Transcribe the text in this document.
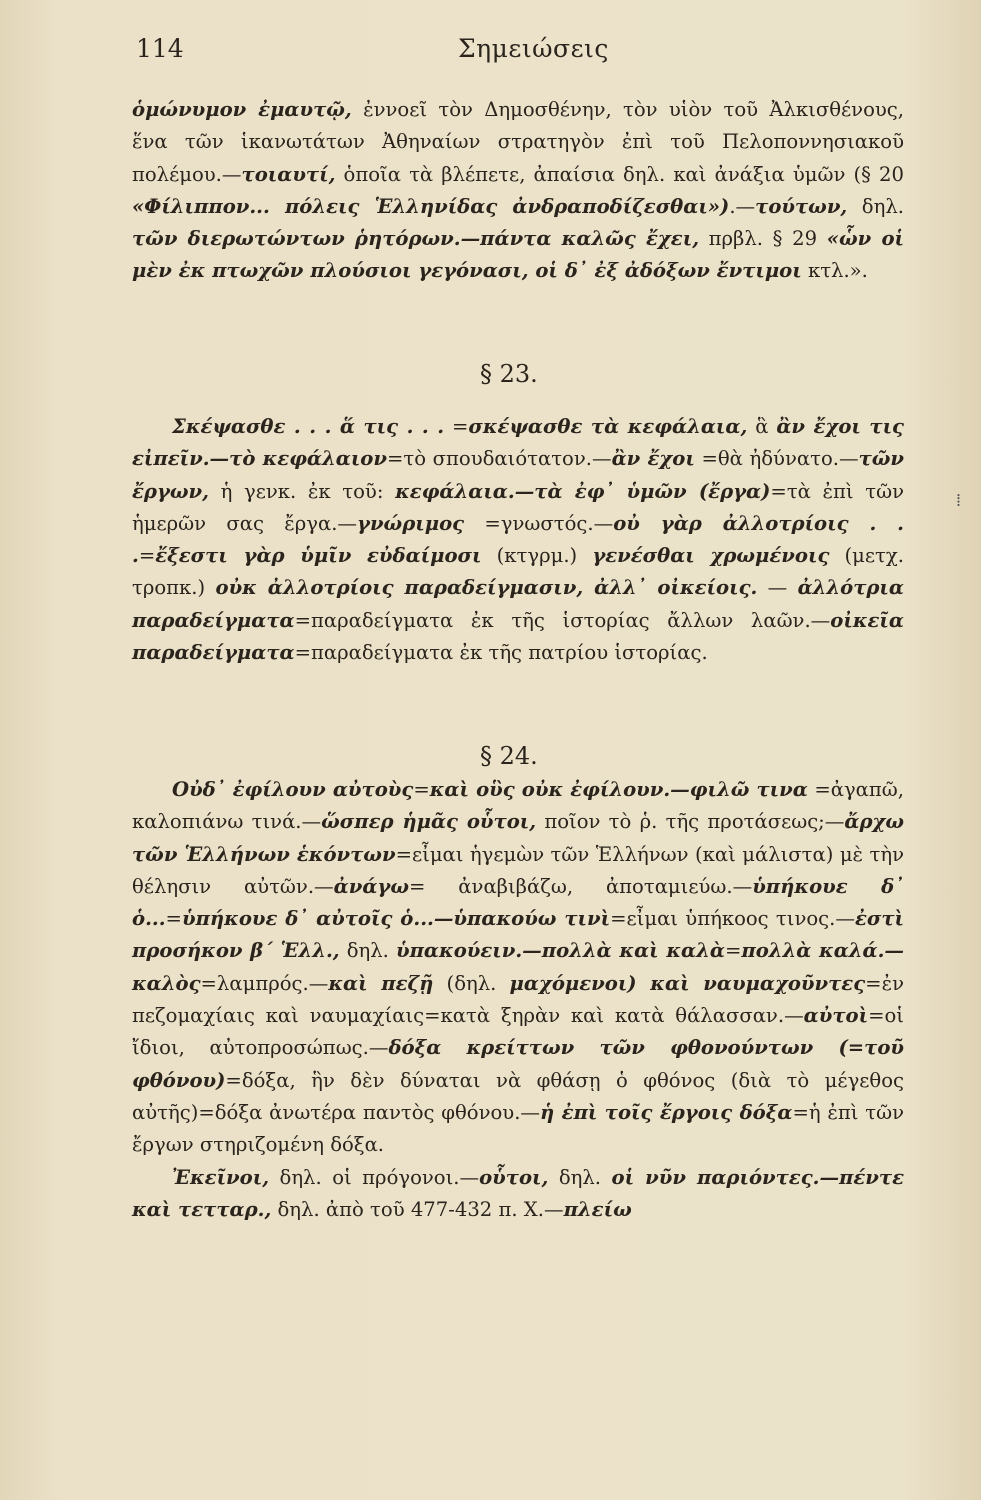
114	Σημειώσεις

ὁμώνυμον ἐμαυτῷ, ἐννοεῖ τὸν Δημοσθένην, τὸν υἱὸν τοῦ Ἀλκισθένους, ἕνα τῶν ἱκανωτάτων Ἀθηναίων στρατηγὸν ἐπὶ τοῦ Πελοποννησιακοῦ πολέμου.—τοιαυτί, ὁποῖα τὰ βλέπετε, ἀπαίσια δηλ. καὶ ἀνάξια ὑμῶν (§ 20 «Φίλιππον... πόλεις Ἑλληνίδας ἀνδραποδίζεσθαι»).—τούτων, δηλ. τῶν διερωτώντων ῥητόρων.—πάντα καλῶς ἔχει, πρβλ. § 29 «ὧν οἱ μὲν ἐκ πτωχῶν πλούσιοι γεγόνασι, οἱ δ᾽ ἐξ ἀδόξων ἔντιμοι κτλ.».

§ 23.

Σκέψασθε . . . ἅ τις . . . =σκέψασθε τὰ κεφάλαια, ἃ ἂν ἔχοι τις εἰπεῖν.—τὸ κεφάλαιον=τὸ σπουδαιότατον.—ἂν ἔχοι =θὰ ἠδύνατο.—τῶν ἔργων, ἡ γενκ. ἐκ τοῦ: κεφάλαια.—τὰ ἐφ᾽ ὑμῶν (ἔργα)=τὰ ἐπὶ τῶν ἡμερῶν σας ἔργα.—γνώριμος =γνωστός.—οὐ γὰρ ἀλλοτρίοις . . .=ἔξεστι γὰρ ὑμῖν εὐδαίμοσι (κτγρμ.) γενέσθαι χρωμένοις (μετχ. τροπκ.) οὐκ ἀλλοτρίοις παραδείγμασιν, ἀλλ᾽ οἰκείοις. — ἀλλότρια παραδείγματα=παραδείγματα ἐκ τῆς ἱστορίας ἄλλων λαῶν.—οἰκεῖα παραδείγματα=παραδείγματα ἐκ τῆς πατρίου ἱστορίας.

§ 24.

Οὐδ᾽ ἐφίλουν αὐτοὺς=καὶ οὓς οὐκ ἐφίλουν.—φιλῶ τινα =ἀγαπῶ, καλοπιάνω τινά.—ὥσπερ ἡμᾶς οὗτοι, ποῖον τὸ ῥ. τῆς προτάσεως;—ἄρχω τῶν Ἑλλήνων ἑκόντων=εἶμαι ἡγεμὼν τῶν Ἑλλήνων (καὶ μάλιστα) μὲ τὴν θέλησιν αὐτῶν.—ἀνάγω= ἀναβιβάζω, ἀποταμιεύω.—ὑπήκουε δ᾽ ὁ...=ὑπήκουε δ᾽ αὐτοῖς ὁ...—ὑπακούω τινὶ=εἶμαι ὑπήκοος τινος.—ἐστὶ προσήκον β´ Ἑλλ., δηλ. ὑπακούειν.—πολλὰ καὶ καλὰ=πολλὰ καλά.—καλὸς=λαμπρός.—καὶ πεζῇ (δηλ. μαχόμενοι) καὶ ναυμαχοῦντες=ἐν πεζομαχίαις καὶ ναυμαχίαις=κατὰ ξηρὰν καὶ κατὰ θάλασσαν.—αὐτοὶ=οἱ ἴδιοι, αὐτοπροσώπως.—δόξα κρείττων τῶν φθονούντων (=τοῦ φθόνου)=δόξα, ἣν δὲν δύναται νὰ φθάσῃ ὁ φθόνος (διὰ τὸ μέγεθος αὐτῆς)=δόξα ἀνωτέρα παντὸς φθόνου.—ἡ ἐπὶ τοῖς ἔργοις δόξα=ἡ ἐπὶ τῶν ἔργων στηριζομένη δόξα.

Ἐκεῖνοι, δηλ. οἱ πρόγονοι.—οὗτοι, δηλ. οἱ νῦν παριόντες.—πέντε καὶ τετταρ., δηλ. ἀπὸ τοῦ 477-432 π. Χ.—πλείω

⁞
